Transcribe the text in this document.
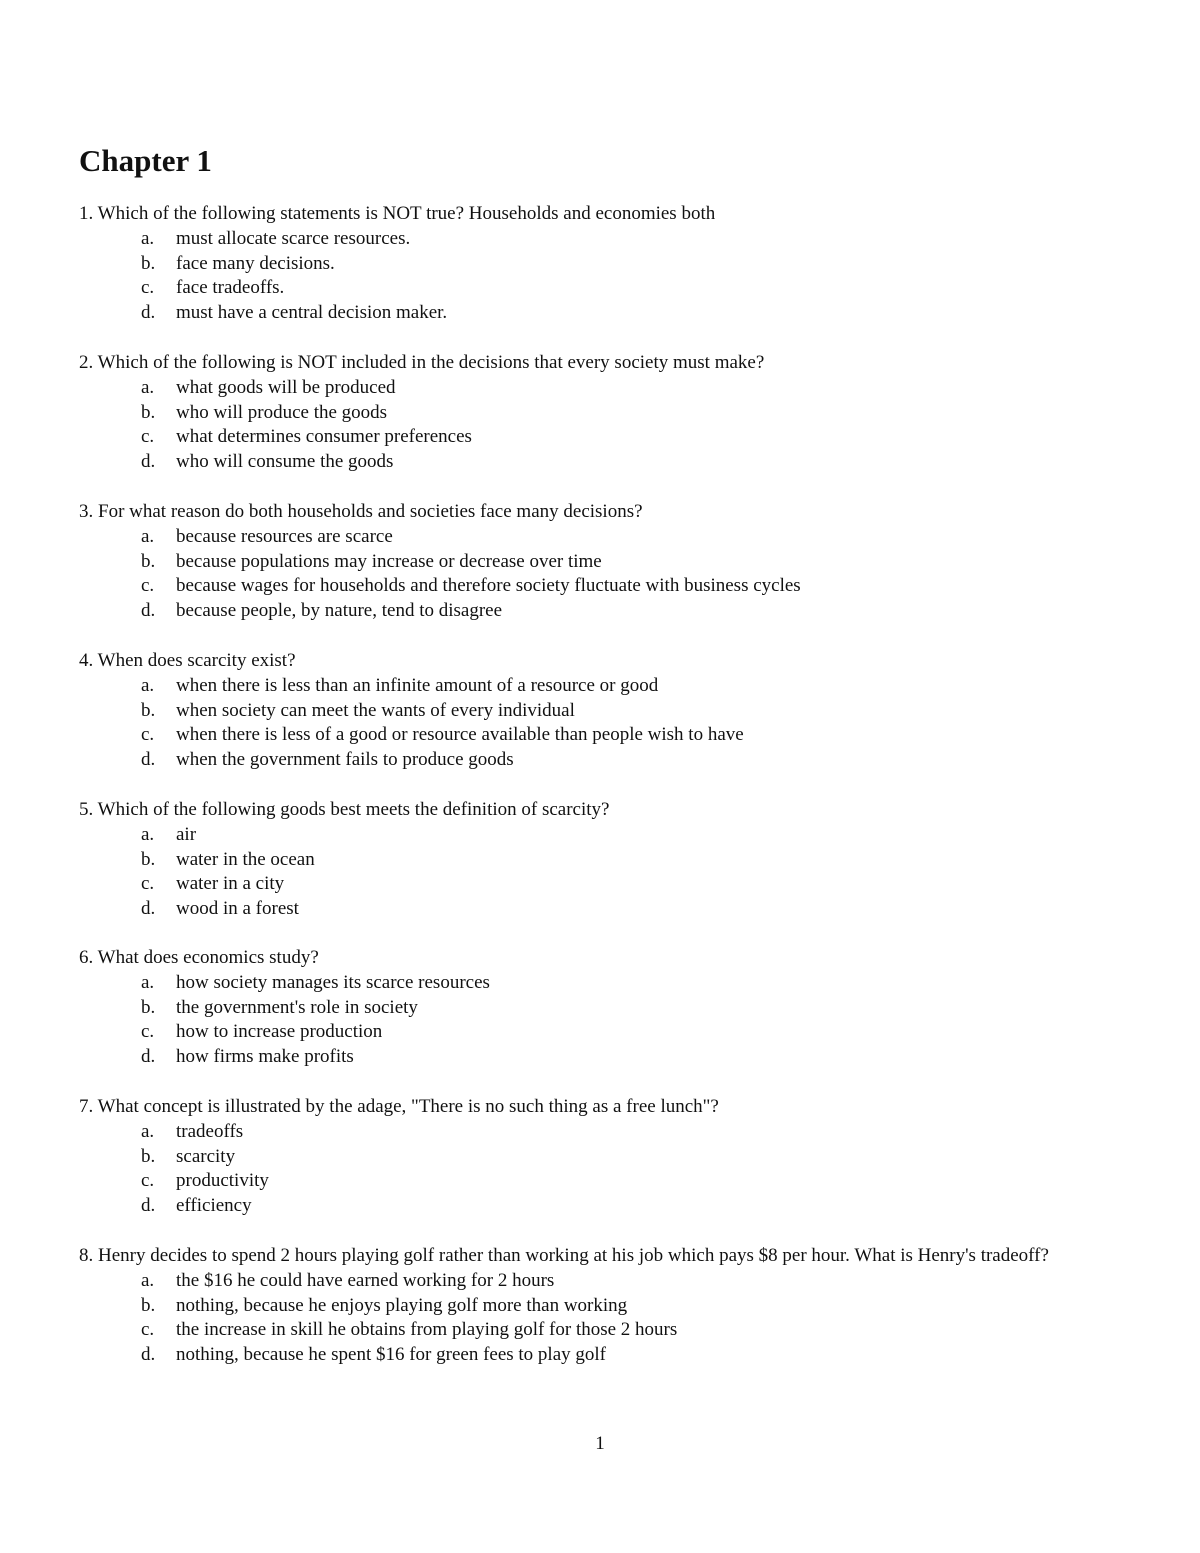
Chapter 1

1. Which of the following statements is NOT true? Households and economies both

a.	must allocate scarce resources.
b.	face many decisions.
c.	face tradeoffs.
d.	must have a central decision maker.

2. Which of the following is NOT included in the decisions that every society must make?

a.	what goods will be produced
b.	who will produce the goods
c.	what determines consumer preferences
d.	who will consume the goods

3. For what reason do both households and societies face many decisions?

a.	because resources are scarce
b.	because populations may increase or decrease over time
c.	because wages for households and therefore society fluctuate with business cycles
d.	because people, by nature, tend to disagree

4. When does scarcity exist?

a.	when there is less than an infinite amount of a resource or good
b.	when society can meet the wants of every individual
c.	when there is less of a good or resource available than people wish to have
d.	when the government fails to produce goods

5. Which of the following goods best meets the definition of scarcity?

a.	air
b.	water in the ocean
c.	water in a city
d.	wood in a forest

6. What does economics study?

a.	how society manages its scarce resources
b.	the government's role in society
c.	how to increase production
d.	how firms make profits

7. What concept is illustrated by the adage, "There is no such thing as a free lunch"?

a.	tradeoffs
b.	scarcity
c.	productivity
d.	efficiency

8. Henry decides to spend 2 hours playing golf rather than working at his job which pays $8 per hour. What is Henry's tradeoff?

a.	the $16 he could have earned working for 2 hours
b.	nothing, because he enjoys playing golf more than working
c.	the increase in skill he obtains from playing golf for those 2 hours
d.	nothing, because he spent $16 for green fees to play golf
1
